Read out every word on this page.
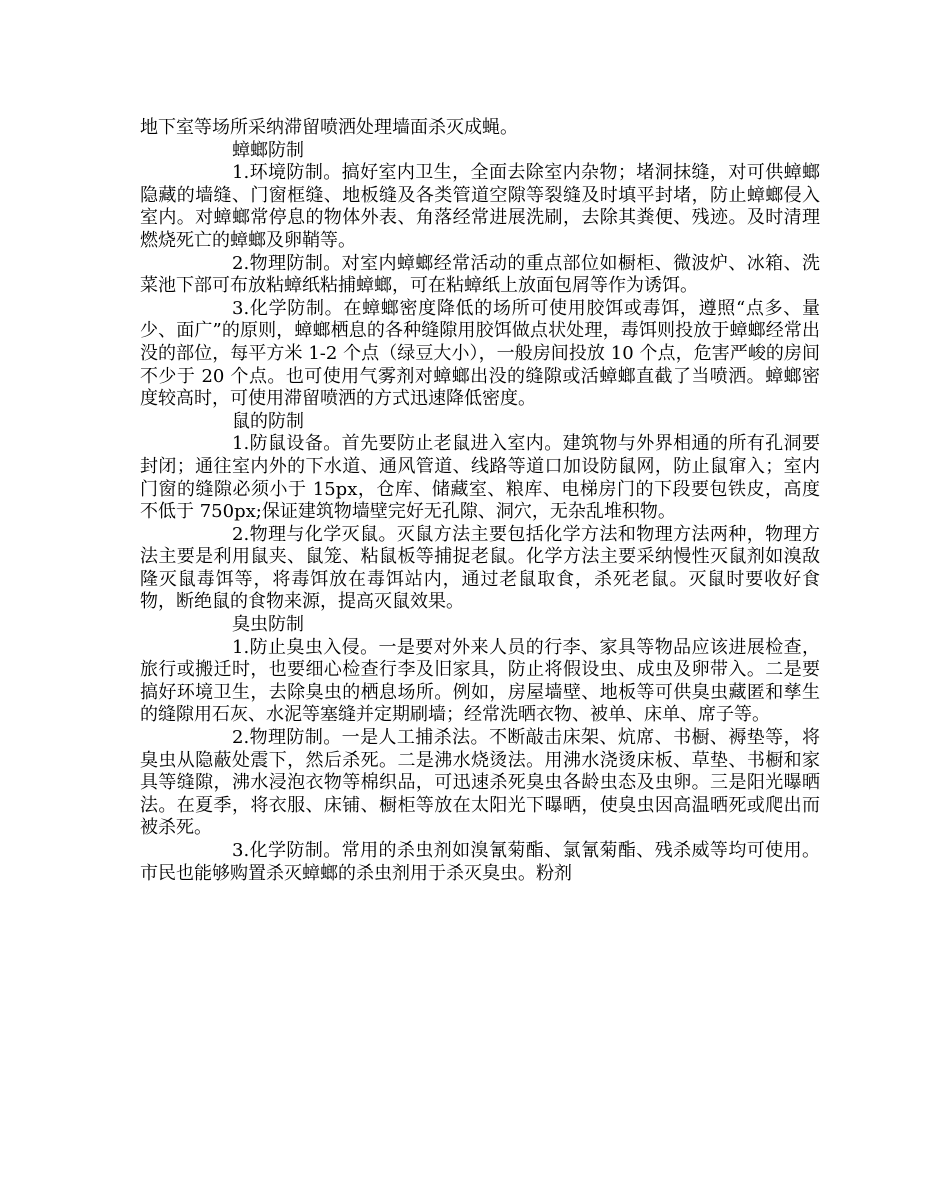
地下室等场所采纳滞留喷洒处理墙面杀灭成蝇。

蟑螂防制

1.环境防制。搞好室内卫生，全面去除室内杂物；堵洞抹缝，对可供蟑螂隐藏的墙缝、门窗框缝、地板缝及各类管道空隙等裂缝及时填平封堵，防止蟑螂侵入室内。对蟑螂常停息的物体外表、角落经常进展洗刷，去除其粪便、残迹。及时清理燃烧死亡的蟑螂及卵鞘等。

2.物理防制。对室内蟑螂经常活动的重点部位如橱柜、微波炉、冰箱、洗菜池下部可布放粘蟑纸粘捕蟑螂，可在粘蟑纸上放面包屑等作为诱饵。

3.化学防制。在蟑螂密度降低的场所可使用胶饵或毒饵，遵照“点多、量少、面广”的原则，蟑螂栖息的各种缝隙用胶饵做点状处理，毒饵则投放于蟑螂经常出没的部位，每平方米 1-2 个点（绿豆大小），一般房间投放 10 个点，危害严峻的房间不少于 20 个点。也可使用气雾剂对蟑螂出没的缝隙或活蟑螂直截了当喷洒。蟑螂密度较高时，可使用滞留喷洒的方式迅速降低密度。

鼠的防制

1.防鼠设备。首先要防止老鼠进入室内。建筑物与外界相通的所有孔洞要封闭；通往室内外的下水道、通风管道、线路等道口加设防鼠网，防止鼠窜入；室内门窗的缝隙必须小于 15px，仓库、储藏室、粮库、电梯房门的下段要包铁皮，高度不低于 750px;保证建筑物墙壁完好无孔隙、洞穴，无杂乱堆积物。

2.物理与化学灭鼠。灭鼠方法主要包括化学方法和物理方法两种，物理方法主要是利用鼠夹、鼠笼、粘鼠板等捕捉老鼠。化学方法主要采纳慢性灭鼠剂如溴敌隆灭鼠毒饵等，将毒饵放在毒饵站内，通过老鼠取食，杀死老鼠。灭鼠时要收好食物，断绝鼠的食物来源，提高灭鼠效果。

臭虫防制

1.防止臭虫入侵。一是要对外来人员的行李、家具等物品应该进展检查，旅行或搬迁时，也要细心检查行李及旧家具，防止将假设虫、成虫及卵带入。二是要搞好环境卫生，去除臭虫的栖息场所。例如，房屋墙壁、地板等可供臭虫藏匿和孳生的缝隙用石灰、水泥等塞缝并定期刷墙；经常洗晒衣物、被单、床单、席子等。

2.物理防制。一是人工捕杀法。不断敲击床架、炕席、书橱、褥垫等，将臭虫从隐蔽处震下，然后杀死。二是沸水烧烫法。用沸水浇烫床板、草垫、书橱和家具等缝隙，沸水浸泡衣物等棉织品，可迅速杀死臭虫各龄虫态及虫卵。三是阳光曝晒法。在夏季，将衣服、床铺、橱柜等放在太阳光下曝晒，使臭虫因高温晒死或爬出而被杀死。

3.化学防制。常用的杀虫剂如溴氰菊酯、氯氰菊酯、残杀威等均可使用。市民也能够购置杀灭蟑螂的杀虫剂用于杀灭臭虫。粉剂
